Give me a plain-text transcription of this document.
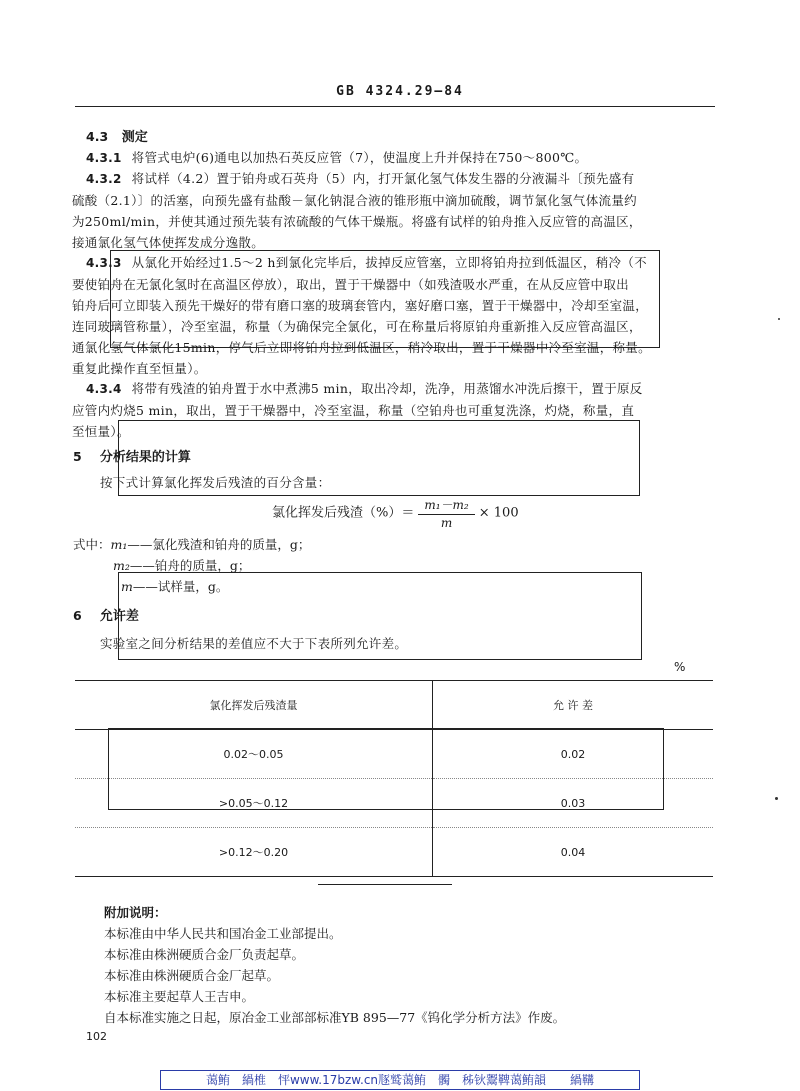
GB 4324.29—84
4.3 测定
4.3.1 将管式电炉(6)通电以加热石英反应管（7），使温度上升并保持在750～800℃。
4.3.2 将试样（4.2）置于铂舟或石英舟（5）内，打开氯化氢气体发生器的分液漏斗〔预先盛有
硫酸（2.1）〕的活塞，向预先盛有盐酸－氯化钠混合液的锥形瓶中滴加硫酸，调节氯化氢气体流量约
为250ml/min，并使其通过预先装有浓硫酸的气体干燥瓶。将盛有试样的铂舟推入反应管的高温区，
接通氯化氢气体使挥发成分逸散。
4.3.3 从氯化开始经过1.5～2 h到氯化完毕后，拔掉反应管塞，立即将铂舟拉到低温区，稍冷（不
要使铂舟在无氯化氢时在高温区停放），取出，置于干燥器中（如残渣吸水严重，在从反应管中取出
铂舟后可立即装入预先干燥好的带有磨口塞的玻璃套管内，塞好磨口塞，置于干燥器中，冷却至室温，
连同玻璃管称量），冷至室温，称量（为确保完全氯化，可在称量后将原铂舟重新推入反应管高温区，
通氯化氢气体氯化15min，停气后立即将铂舟拉到低温区，稍冷取出，置于干燥器中冷至室温，称量。
重复此操作直至恒量）。
4.3.4 将带有残渣的铂舟置于水中煮沸5 min，取出冷却，洗净，用蒸馏水冲洗后擦干，置于原反
应管内灼烧5 min，取出，置于干燥器中，冷至室温，称量（空铂舟也可重复洗涤，灼烧，称量，直
至恒量）。
5 分析结果的计算
按下式计算氯化挥发后残渣的百分含量：
氯化挥发后残渣（%）＝ $\frac{\text{m₁－m₂}}{m} \times 100$
式中：m₁——氯化残渣和铂舟的质量，g；
m₂——铂舟的质量，g；
m——试样量，g。
6 允许差
实验室之间分析结果的差值应不大于下表所列允许差。
%
氯化挥发后残渣量	允 许 差
0.02～0.05	0.02
>0.05～0.12	0.03
>0.12～0.20	0.04
附加说明：
本标准由中华人民共和国冶金工业部提出。
本标准由株洲硬质合金厂负责起草。
本标准由株洲硬质合金厂起草。
本标准主要起草人王吉申。
自本标准实施之日起，原冶金工业部部标准YB 895—77《钨化学分析方法》作废。
102
蔼鲔　緺椎　怦www.17bzw.cn豗鹫蔼鲔　髑　秭钬鬻鞞蔼鲔韻　　緺鞲
